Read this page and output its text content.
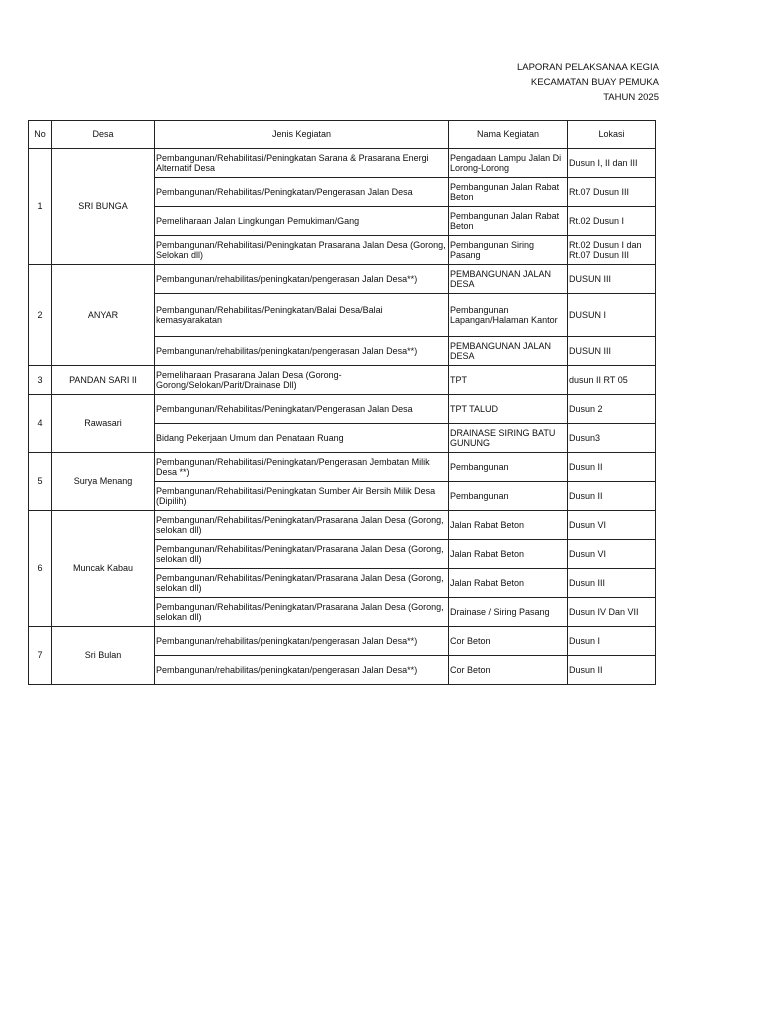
LAPORAN PELAKSANAA KEGIA
KECAMATAN BUAY PEMUKA
TAHUN 2025
No	Desa	Jenis Kegiatan	Nama Kegiatan	Lokasi
1	SRI BUNGA	Pembangunan/Rehabilitasi/Peningkatan Sarana & Prasarana Energi Alternatif Desa	Pengadaan Lampu Jalan Di Lorong-Lorong	Dusun I, II dan III
		Pembangunan/Rehabilitas/Peningkatan/Pengerasan Jalan Desa	Pembangunan Jalan Rabat Beton	Rt.07 Dusun III
		Pemeliharaan Jalan Lingkungan Pemukiman/Gang	Pembangunan Jalan Rabat Beton	Rt.02 Dusun I
		Pembangunan/Rehabilitasi/Peningkatan Prasarana Jalan Desa (Gorong, Selokan dll)	Pembangunan Siring Pasang	Rt.02 Dusun I dan Rt.07 Dusun III
2	ANYAR	Pembangunan/rehabilitas/peningkatan/pengerasan Jalan Desa**)	PEMBANGUNAN JALAN DESA	DUSUN III
		Pembangunan/Rehabilitas/Peningkatan/Balai Desa/Balai kemasyarakatan	Pembangunan Lapangan/Halaman Kantor	DUSUN I
		Pembangunan/rehabilitas/peningkatan/pengerasan Jalan Desa**)	PEMBANGUNAN JALAN DESA	DUSUN III
3	PANDAN SARI II	Pemeliharaan Prasarana Jalan Desa (Gorong-Gorong/Selokan/Parit/Drainase Dll)	TPT	dusun II RT 05
4	Rawasari	Pembangunan/Rehabilitas/Peningkatan/Pengerasan Jalan Desa	TPT TALUD	Dusun 2
		Bidang Pekerjaan Umum dan Penataan Ruang	DRAINASE SIRING BATU GUNUNG	Dusun3
5	Surya Menang	Pembangunan/Rehabilitasi/Peningkatan/Pengerasan Jembatan Milik Desa **)	Pembangunan	Dusun II
		Pembangunan/Rehabilitasi/Peningkatan Sumber Air Bersih Milik Desa (Dipilih)	Pembangunan	Dusun II
6	Muncak Kabau	Pembangunan/Rehabilitas/Peningkatan/Prasarana Jalan Desa (Gorong, selokan dll)	Jalan Rabat Beton	Dusun VI
		Pembangunan/Rehabilitas/Peningkatan/Prasarana Jalan Desa (Gorong, selokan dll)	Jalan Rabat Beton	Dusun VI
		Pembangunan/Rehabilitas/Peningkatan/Prasarana Jalan Desa (Gorong, selokan dll)	Jalan Rabat Beton	Dusun III
		Pembangunan/Rehabilitas/Peningkatan/Prasarana Jalan Desa (Gorong, selokan dll)	Drainase / Siring Pasang	Dusun IV Dan VII
7	Sri Bulan	Pembangunan/rehabilitas/peningkatan/pengerasan Jalan Desa**)	Cor Beton	Dusun I
		Pembangunan/rehabilitas/peningkatan/pengerasan Jalan Desa**)	Cor Beton	Dusun II
